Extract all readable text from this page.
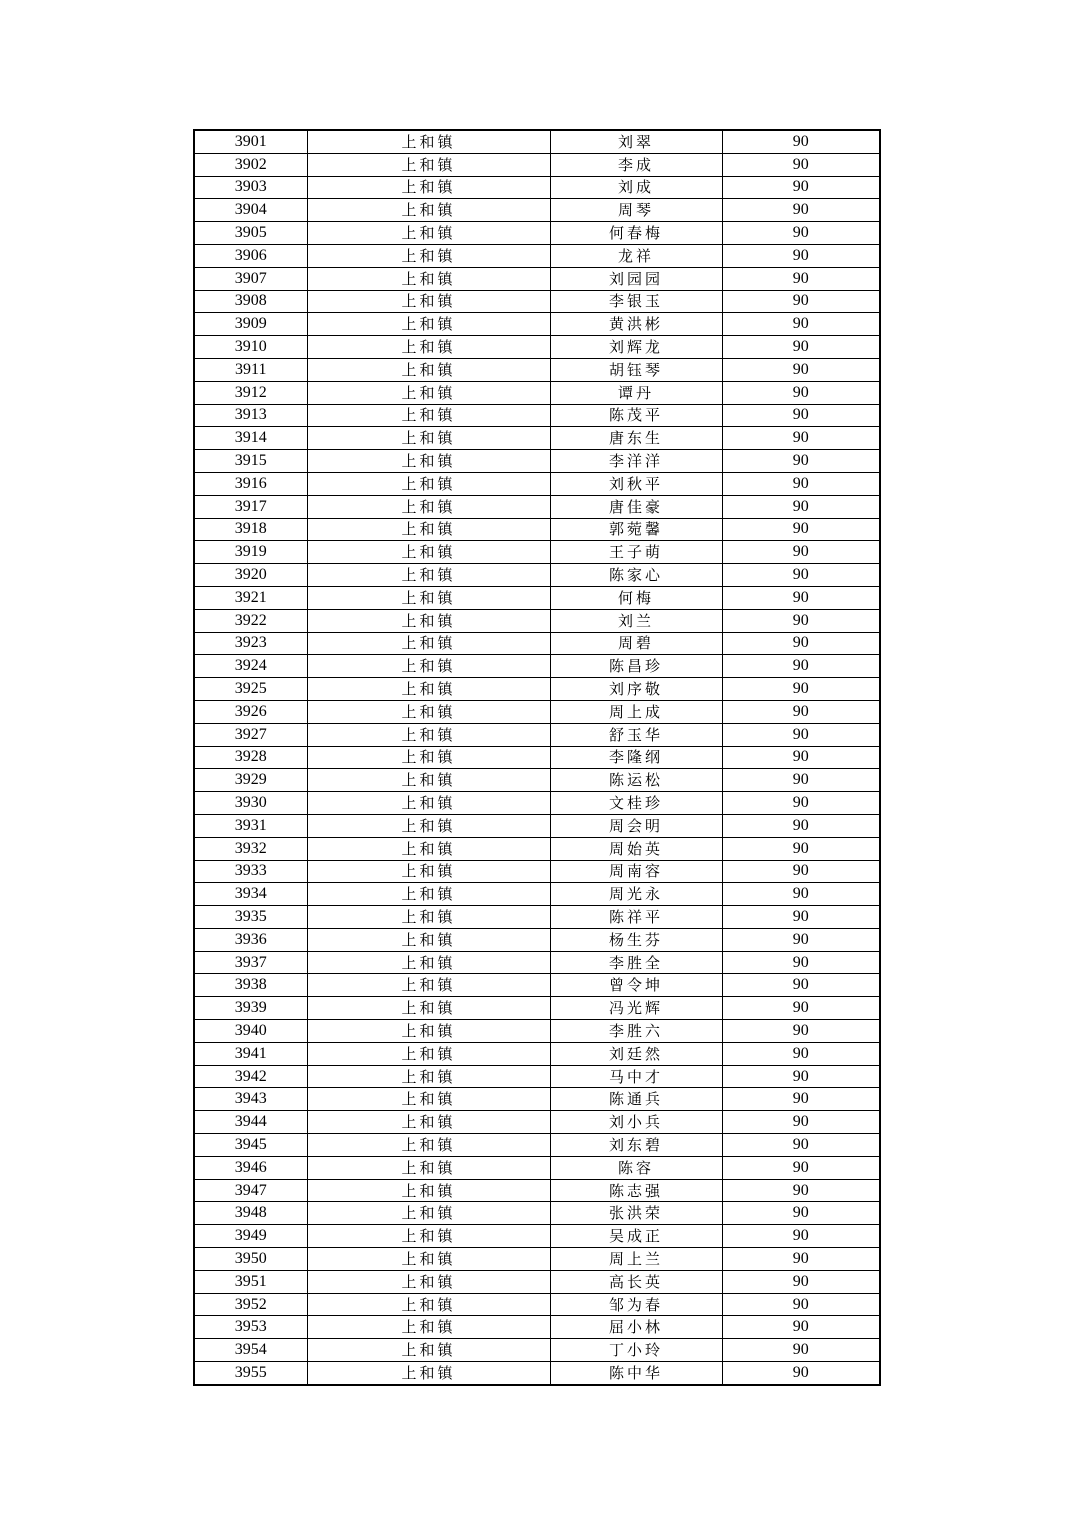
3901	上和镇	刘翠	90
3902	上和镇	李成	90
3903	上和镇	刘成	90
3904	上和镇	周琴	90
3905	上和镇	何春梅	90
3906	上和镇	龙祥	90
3907	上和镇	刘园园	90
3908	上和镇	李银玉	90
3909	上和镇	黄洪彬	90
3910	上和镇	刘辉龙	90
3911	上和镇	胡钰琴	90
3912	上和镇	谭丹	90
3913	上和镇	陈茂平	90
3914	上和镇	唐东生	90
3915	上和镇	李洋洋	90
3916	上和镇	刘秋平	90
3917	上和镇	唐佳豪	90
3918	上和镇	郭菀馨	90
3919	上和镇	王子萌	90
3920	上和镇	陈家心	90
3921	上和镇	何梅	90
3922	上和镇	刘兰	90
3923	上和镇	周碧	90
3924	上和镇	陈昌珍	90
3925	上和镇	刘序敬	90
3926	上和镇	周上成	90
3927	上和镇	舒玉华	90
3928	上和镇	李隆纲	90
3929	上和镇	陈运松	90
3930	上和镇	文桂珍	90
3931	上和镇	周会明	90
3932	上和镇	周始英	90
3933	上和镇	周南容	90
3934	上和镇	周光永	90
3935	上和镇	陈祥平	90
3936	上和镇	杨生芬	90
3937	上和镇	李胜全	90
3938	上和镇	曾令坤	90
3939	上和镇	冯光辉	90
3940	上和镇	李胜六	90
3941	上和镇	刘廷然	90
3942	上和镇	马中才	90
3943	上和镇	陈通兵	90
3944	上和镇	刘小兵	90
3945	上和镇	刘东碧	90
3946	上和镇	陈容	90
3947	上和镇	陈志强	90
3948	上和镇	张洪荣	90
3949	上和镇	吴成正	90
3950	上和镇	周上兰	90
3951	上和镇	高长英	90
3952	上和镇	邹为春	90
3953	上和镇	屈小林	90
3954	上和镇	丁小玲	90
3955	上和镇	陈中华	90
